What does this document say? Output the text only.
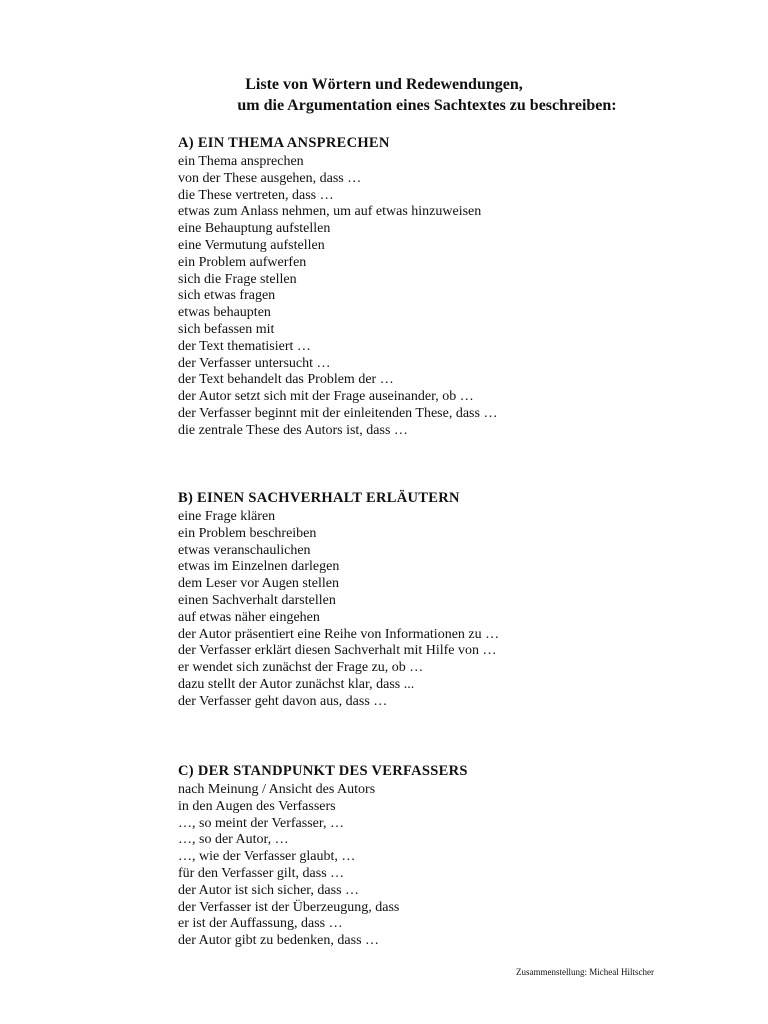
Liste von Wörtern und Redewendungen,
um die Argumentation eines Sachtextes zu beschreiben:
A) EIN THEMA ANSPRECHEN
ein Thema ansprechen
von der These ausgehen, dass …
die These vertreten, dass …
etwas zum Anlass nehmen, um auf etwas hinzuweisen
eine Behauptung aufstellen
eine Vermutung aufstellen
ein Problem aufwerfen
sich die Frage stellen
sich etwas fragen
etwas behaupten
sich befassen mit
der Text thematisiert …
der Verfasser untersucht …
der Text behandelt das Problem der …
der Autor setzt sich mit der Frage auseinander, ob …
der Verfasser beginnt mit der einleitenden These, dass …
die zentrale These des Autors ist, dass …
B) EINEN SACHVERHALT ERLÄUTERN
eine Frage klären
ein Problem beschreiben
etwas veranschaulichen
etwas im Einzelnen darlegen
dem Leser vor Augen stellen
einen Sachverhalt darstellen
auf etwas näher eingehen
der Autor präsentiert eine Reihe von Informationen zu …
der Verfasser erklärt diesen Sachverhalt mit Hilfe von …
er wendet sich zunächst der Frage zu, ob …
dazu stellt der Autor zunächst klar, dass ...
der Verfasser geht davon aus, dass …
C) DER STANDPUNKT DES VERFASSERS
nach Meinung / Ansicht des Autors
in den Augen des Verfassers
…, so meint der Verfasser, …
…, so der Autor, …
…, wie der Verfasser glaubt, …
für den Verfasser gilt, dass …
der Autor ist sich sicher, dass …
der Verfasser ist der Überzeugung, dass
er ist der Auffassung, dass …
der Autor gibt zu bedenken, dass …
Zusammenstellung: Micheal Hiltscher
